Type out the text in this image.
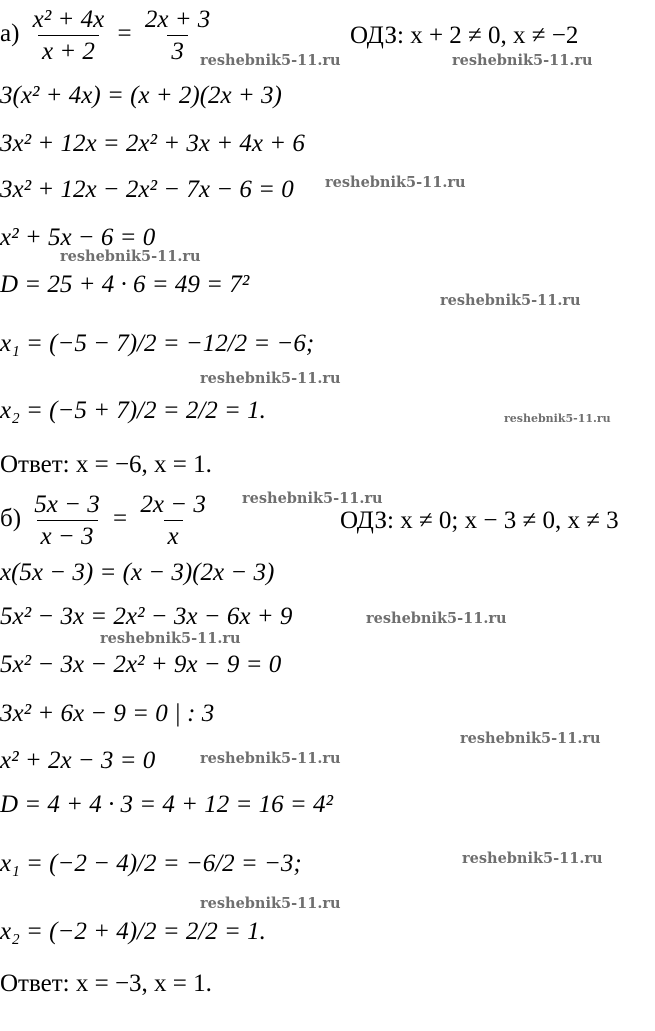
$а) \frac{\text{x² + 4x}}{x + 2} = \frac{2x + 3}{3}$	ОДЗ: x + 2 ≠ 0, x ≠ −2
3(x² + 4x) = (x + 2)(2x + 3)
3x² + 12x = 2x² + 3x + 4x + 6
3x² + 12x − 2x² − 7x − 6 = 0
x² + 5x − 6 = 0
D = 25 + 4 · 6 = 49 = 7²
x₁ = (−5 − 7)/2 = −12/2 = −6;
x₂ = (−5 + 7)/2 = 2/2 = 1.
Ответ: x = −6, x = 1.
$б) \frac{5x - 3}{x - 3} = \frac{2x - 3}{x}$	ОДЗ: x ≠ 0; x − 3 ≠ 0, x ≠ 3
x(5x − 3) = (x − 3)(2x − 3)
5x² − 3x = 2x² − 3x − 6x + 9
5x² − 3x − 2x² + 9x − 9 = 0
3x² + 6x − 9 = 0 | : 3
x² + 2x − 3 = 0
D = 4 + 4 · 3 = 4 + 12 = 16 = 4²
x₁ = (−2 − 4)/2 = −6/2 = −3;
x₂ = (−2 + 4)/2 = 2/2 = 1.
Ответ: x = −3, x = 1.
reshebnik5-11.ru	reshebnik5-11.ru
reshebnik5-11.ru
reshebnik5-11.ru
reshebnik5-11.ru
reshebnik5-11.ru
reshebnik5-11.ru
reshebnik5-11.ru
reshebnik5-11.ru
reshebnik5-11.ru
reshebnik5-11.ru
reshebnik5-11.ru
reshebnik5-11.ru
reshebnik5-11.ru
